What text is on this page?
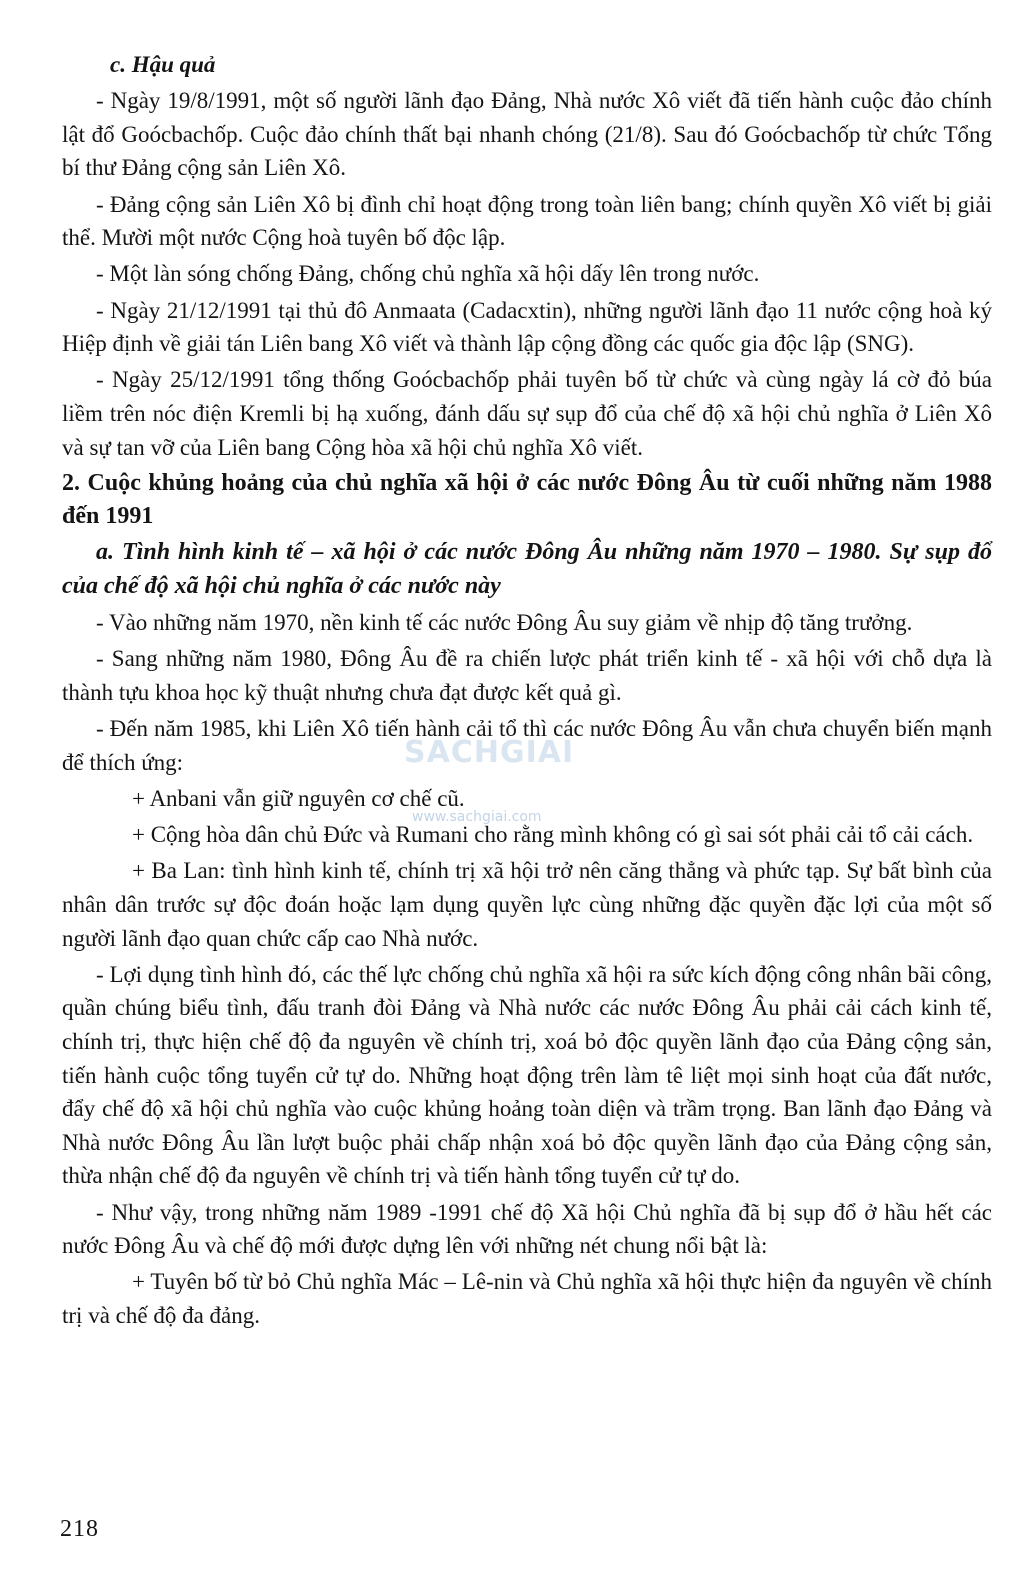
c. Hậu quả

- Ngày 19/8/1991, một số người lãnh đạo Đảng, Nhà nước Xô viết đã tiến hành cuộc đảo chính lật đổ Goócbachốp. Cuộc đảo chính thất bại nhanh chóng (21/8). Sau đó Goócbachốp từ chức Tổng bí thư Đảng cộng sản Liên Xô.

- Đảng cộng sản Liên Xô bị đình chỉ hoạt động trong toàn liên bang; chính quyền Xô viết bị giải thể. Mười một nước Cộng hoà tuyên bố độc lập.

- Một làn sóng chống Đảng, chống chủ nghĩa xã hội dấy lên trong nước.

- Ngày 21/12/1991 tại thủ đô Anmaata (Cadacxtin), những người lãnh đạo 11 nước cộng hoà ký Hiệp định về giải tán Liên bang Xô viết và thành lập cộng đồng các quốc gia độc lập (SNG).

- Ngày 25/12/1991 tổng thống Goócbachốp phải tuyên bố từ chức và cùng ngày lá cờ đỏ búa liềm trên nóc điện Kremli bị hạ xuống, đánh dấu sự sụp đổ của chế độ xã hội chủ nghĩa ở Liên Xô và sự tan vỡ của Liên bang Cộng hòa xã hội chủ nghĩa Xô viết.

2. Cuộc khủng hoảng của chủ nghĩa xã hội ở các nước Đông Âu từ cuối những năm 1988 đến 1991

a. Tình hình kinh tế – xã hội ở các nước Đông Âu những năm 1970 – 1980. Sự sụp đổ của chế độ xã hội chủ nghĩa ở các nước này

- Vào những năm 1970, nền kinh tế các nước Đông Âu suy giảm về nhịp độ tăng trưởng.

- Sang những năm 1980, Đông Âu đề ra chiến lược phát triển kinh tế - xã hội với chỗ dựa là thành tựu khoa học kỹ thuật nhưng chưa đạt được kết quả gì.

- Đến năm 1985, khi Liên Xô tiến hành cải tổ thì các nước Đông Âu vẫn chưa chuyển biến mạnh để thích ứng:

+ Anbani vẫn giữ nguyên cơ chế cũ.

+ Cộng hòa dân chủ Đức và Rumani cho rằng mình không có gì sai sót phải cải tổ cải cách.

+ Ba Lan: tình hình kinh tế, chính trị xã hội trở nên căng thẳng và phức tạp. Sự bất bình của nhân dân trước sự độc đoán hoặc lạm dụng quyền lực cùng những đặc quyền đặc lợi của một số người lãnh đạo quan chức cấp cao Nhà nước.

- Lợi dụng tình hình đó, các thế lực chống chủ nghĩa xã hội ra sức kích động công nhân bãi công, quần chúng biểu tình, đấu tranh đòi Đảng và Nhà nước các nước Đông Âu phải cải cách kinh tế, chính trị, thực hiện chế độ đa nguyên về chính trị, xoá bỏ độc quyền lãnh đạo của Đảng cộng sản, tiến hành cuộc tổng tuyển cử tự do. Những hoạt động trên làm tê liệt mọi sinh hoạt của đất nước, đẩy chế độ xã hội chủ nghĩa vào cuộc khủng hoảng toàn diện và trầm trọng. Ban lãnh đạo Đảng và Nhà nước Đông Âu lần lượt buộc phải chấp nhận xoá bỏ độc quyền lãnh đạo của Đảng cộng sản, thừa nhận chế độ đa nguyên về chính trị và tiến hành tổng tuyển cử tự do.

- Như vậy, trong những năm 1989 -1991 chế độ Xã hội Chủ nghĩa đã bị sụp đổ ở hầu hết các nước Đông Âu và chế độ mới được dựng lên với những nét chung nổi bật là:

+ Tuyên bố từ bỏ Chủ nghĩa Mác – Lê-nin và Chủ nghĩa xã hội thực hiện đa nguyên về chính trị và chế độ đa đảng.

SACHGIAI
www.sachgiai.com
218
